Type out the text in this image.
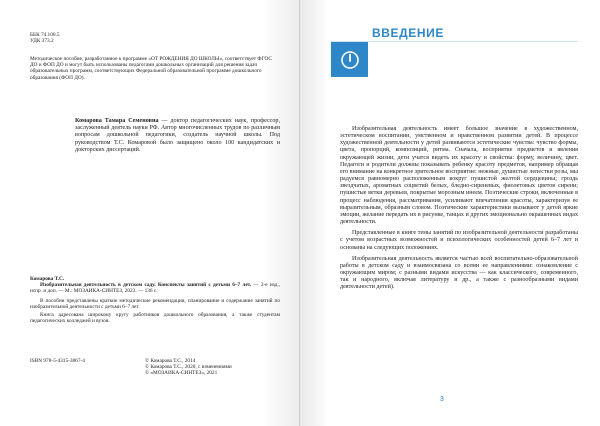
ББК 74.100.5
УДК 373.2
Методическое пособие, разработанное к программе «ОТ РОЖДЕНИЯ ДО ШКОЛЫ», соответствует ФГОС ДО и ФОП ДО и могут быть использованы педагогами дошкольных организаций для решения задач образовательных программ, соответствующих Федеральной образовательной программе дошкольного образования (ФОП ДО).
Комарова Тамара Семеновна — доктор педагогических наук, профессор, заслуженный деятель науки РФ. Автор многочисленных трудов по различным вопросам дошкольной педагогики, создатель научной школы. Под руководством Т.С. Комаровой было защищено около 100 кандидатских и докторских диссертаций.
Комарова Т.С.
Изобразительная деятельность в детском саду. Конспекты занятий с детьми 6–7 лет. — 2-е изд., испр. и доп. — М.: МОЗАИКА-СИНТЕЗ, 2023. — 136 с.
В пособии представлены краткие методические рекомендации, планирование и содержание занятий по изобразительной деятельности с детьми 6–7 лет.
Книга адресована широкому кругу работников дошкольного образования, а также студентам педагогических колледжей и вузов.
ISBN 978-5-4315-3867-4	© Комарова Т.С., 2014
© Комарова Т.С., 2020, с изменениями
© «МОЗАИКА-СИНТЕЗ», 2021
ВВЕДЕНИЕ

Изобразительная деятельность имеет большое значение в художественном, эстетическом воспитании, умственном и нравственном развитии детей. В процессе художественной деятельности у детей развиваются эстетические чувства: чувство формы, цвета, пропорций, композиций, ритма. Сначала, восприятие предметов и явления окружающей жизни, дети учатся видеть их красоту и свойства: форму, величину, цвет. Педагоги и родители должны показывать ребенку красоту предметов, например обращая его внимание на конкретное зрительное восприятие: нежные, душистые лепестки розы, мы радуемся равномерно расположенным вокруг пушистой желтой сердцевины; гроздь звездчатых, ароматных соцветий белых, бледно-сиреневых, фиолетовых цветов сирени; пушистые ветки деревьев, покрытые морозным инеем. Поэтические строки, включенные в процесс наблюдения, рассматривания, усиливают впечатления красоты, характеризуя ее выразительным, образным словом. Поэтические характеристики вызывают у детей яркие эмоции, желание передать их в рисунке, танцах и других эмоционально окрашенных видах деятельности.

Представленные в книге темы занятий по изобразительной деятельности разработаны с учетом возрастных возможностей и психологических особенностей детей 6–7 лет и основаны на следующих положениях.

Изобразительная деятельность является частью всей воспитательно-образовательной работы в детском саду и взаимосвязана со всеми ее направлениями: ознакомление с окружающим миром; с разными видами искусства — как классического, современного, так и народного, включая литературу и др., а также с разнообразными видами деятельности детей).

3
